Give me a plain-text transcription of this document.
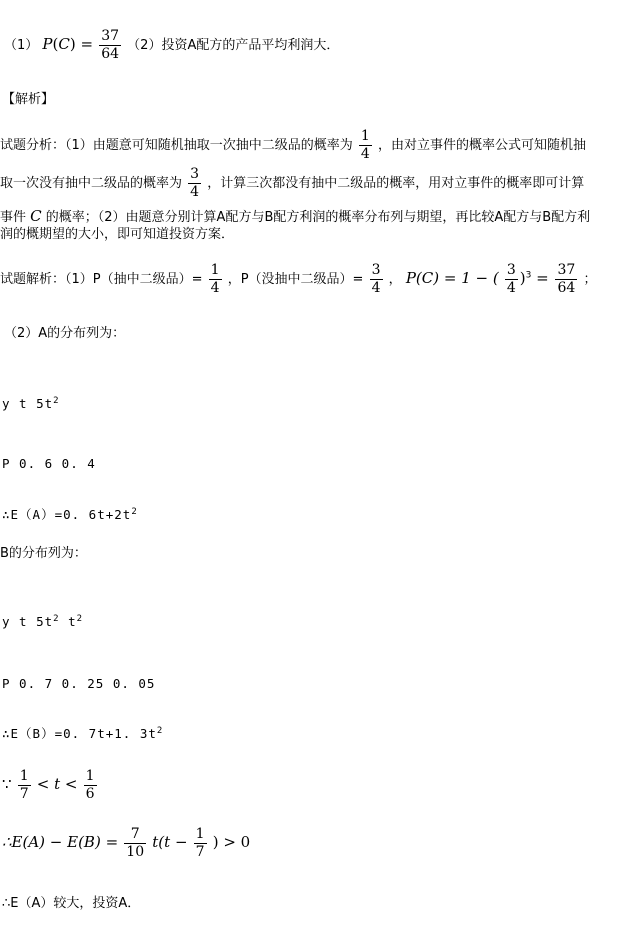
（1） $P(C) = \frac{37}{64} (2)$投资A配方的产品平均利润大．
【解析】
试题分析：（1）由题意可知随机抽取一次抽中二级品的概率为 $\frac{1}{4}$ ，由对立事件的概率公式可知随机抽
取一次没有抽中二级品的概率为 $\frac{3}{4}$ ，计算三次都没有抽中二级品的概率，用对立事件的概率即可计算
事件 C 的概率；（2）由题意分别计算A配方与B配方利润的概率分布列与期望，再比较A配方与B配方利
润的概期望的大小，即可知道投资方案．
试题解析：（1）P（抽中二级品）= $\frac{1}{4}$ ，P（没抽中二级品）= $\frac{3}{4}$ ， P(C) = 1 − ( $\frac{3}{4} )^3 = \frac{37}{64}$ ；
（2）A的分布列为：
y t $5t^2$
P 0. 6 0. 4
∴E（A）=0. $6t+2t^2$
B的分布列为：
y t $5t^2$ $t^2$
P 0. 7 0. 25 0. 05
∴E（B）=0. 7t+1. $3t^2$
∵ $\frac{1}{7} < t < \frac{1}{6}$
∴E(A) − $E(B) = \frac{7}{10} t(t - \frac{1}{7}$ ) > 0
∴E（A）较大，投资A．
